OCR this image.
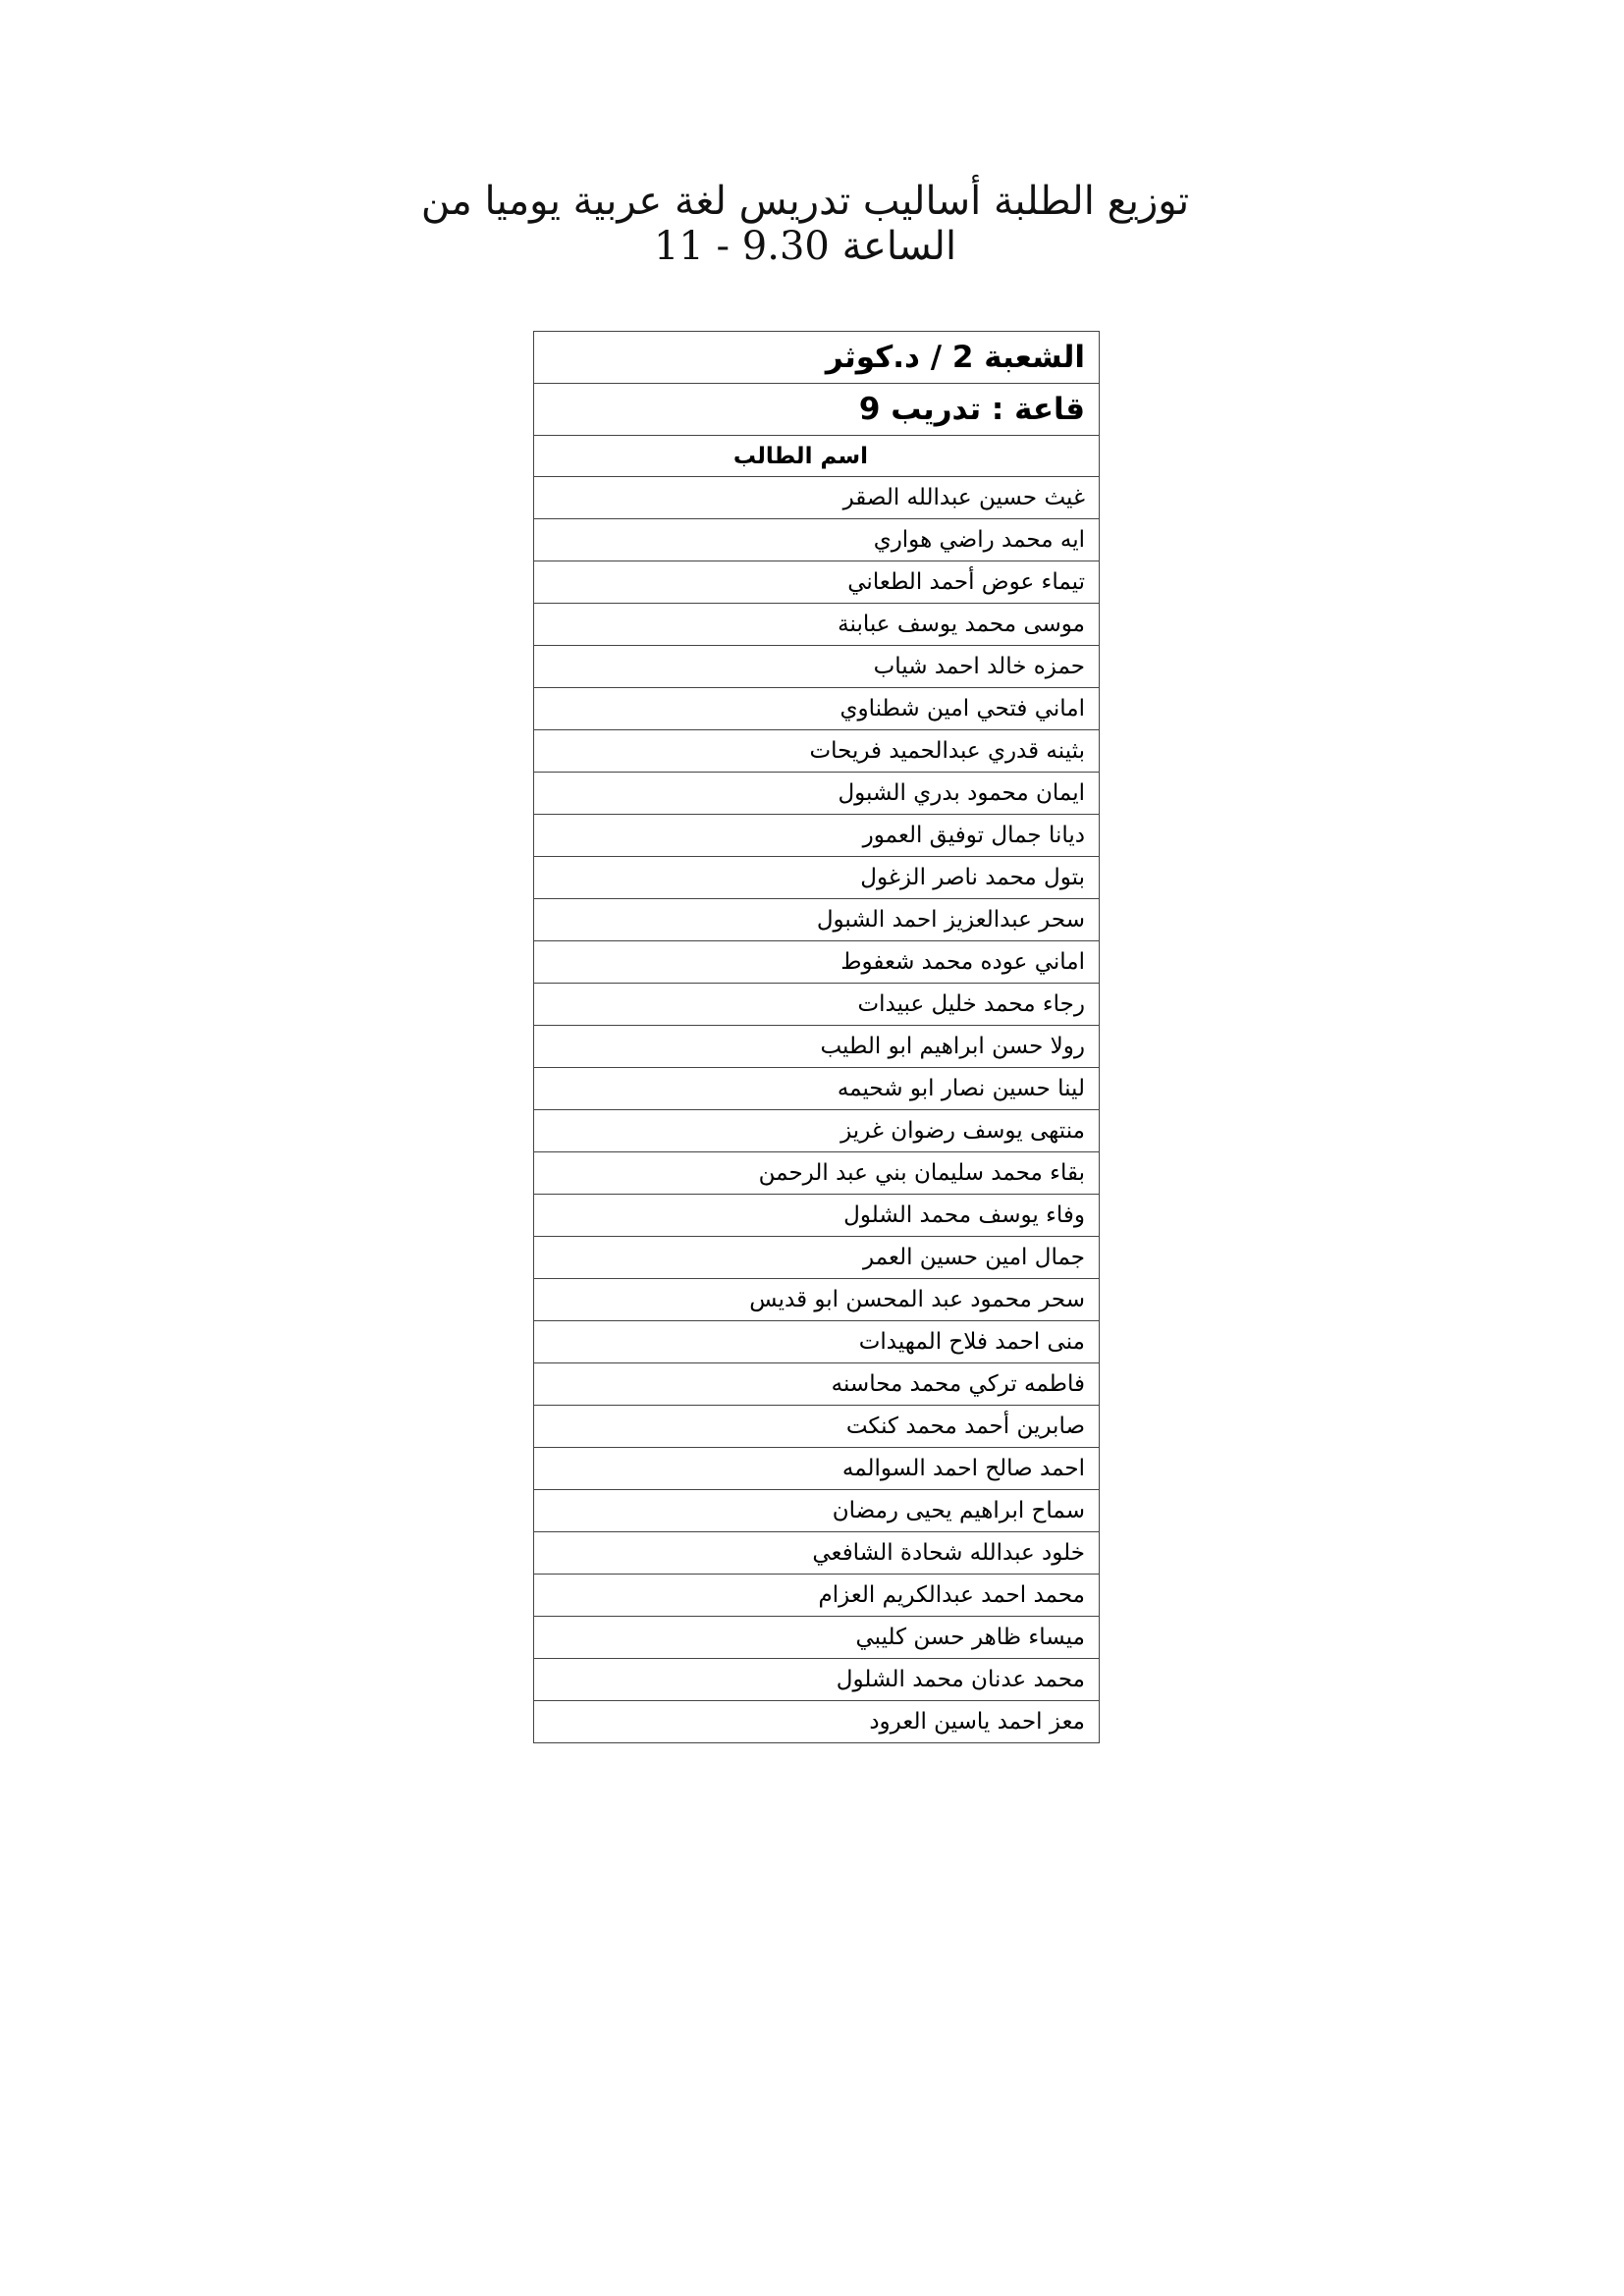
توزيع الطلبة أساليب تدريس لغة عربية يوميا من الساعة 9.30 - 11
الشعبة 2 / د.كوثر
قاعة : تدريب 9
اسم الطالب
غيث حسين عبدالله الصقر
ايه محمد راضي هواري
تيماء عوض أحمد الطعاني
موسى محمد يوسف عبابنة
حمزه خالد احمد شياب
اماني فتحي امين شطناوي
بثينه قدري عبدالحميد فريحات
ايمان محمود بدري الشبول
ديانا جمال توفيق العمور
بتول محمد ناصر الزغول
سحر عبدالعزيز احمد الشبول
اماني عوده محمد شعفوط
رجاء محمد خليل عبيدات
رولا حسن ابراهيم ابو الطيب
لينا حسين نصار ابو شحيمه
منتهى يوسف رضوان غريز
بقاء محمد سليمان بني عبد الرحمن
وفاء يوسف محمد الشلول
جمال امين حسين العمر
سحر محمود عبد المحسن ابو قديس
منى احمد فلاح المهيدات
فاطمه تركي محمد محاسنه
صابرين أحمد محمد كنكت
احمد صالح احمد السوالمه
سماح ابراهيم يحيى رمضان
خلود عبدالله شحادة الشافعي
محمد احمد عبدالكريم العزام
ميساء ظاهر حسن كليبي
محمد عدنان محمد الشلول
معز احمد ياسين العرود
